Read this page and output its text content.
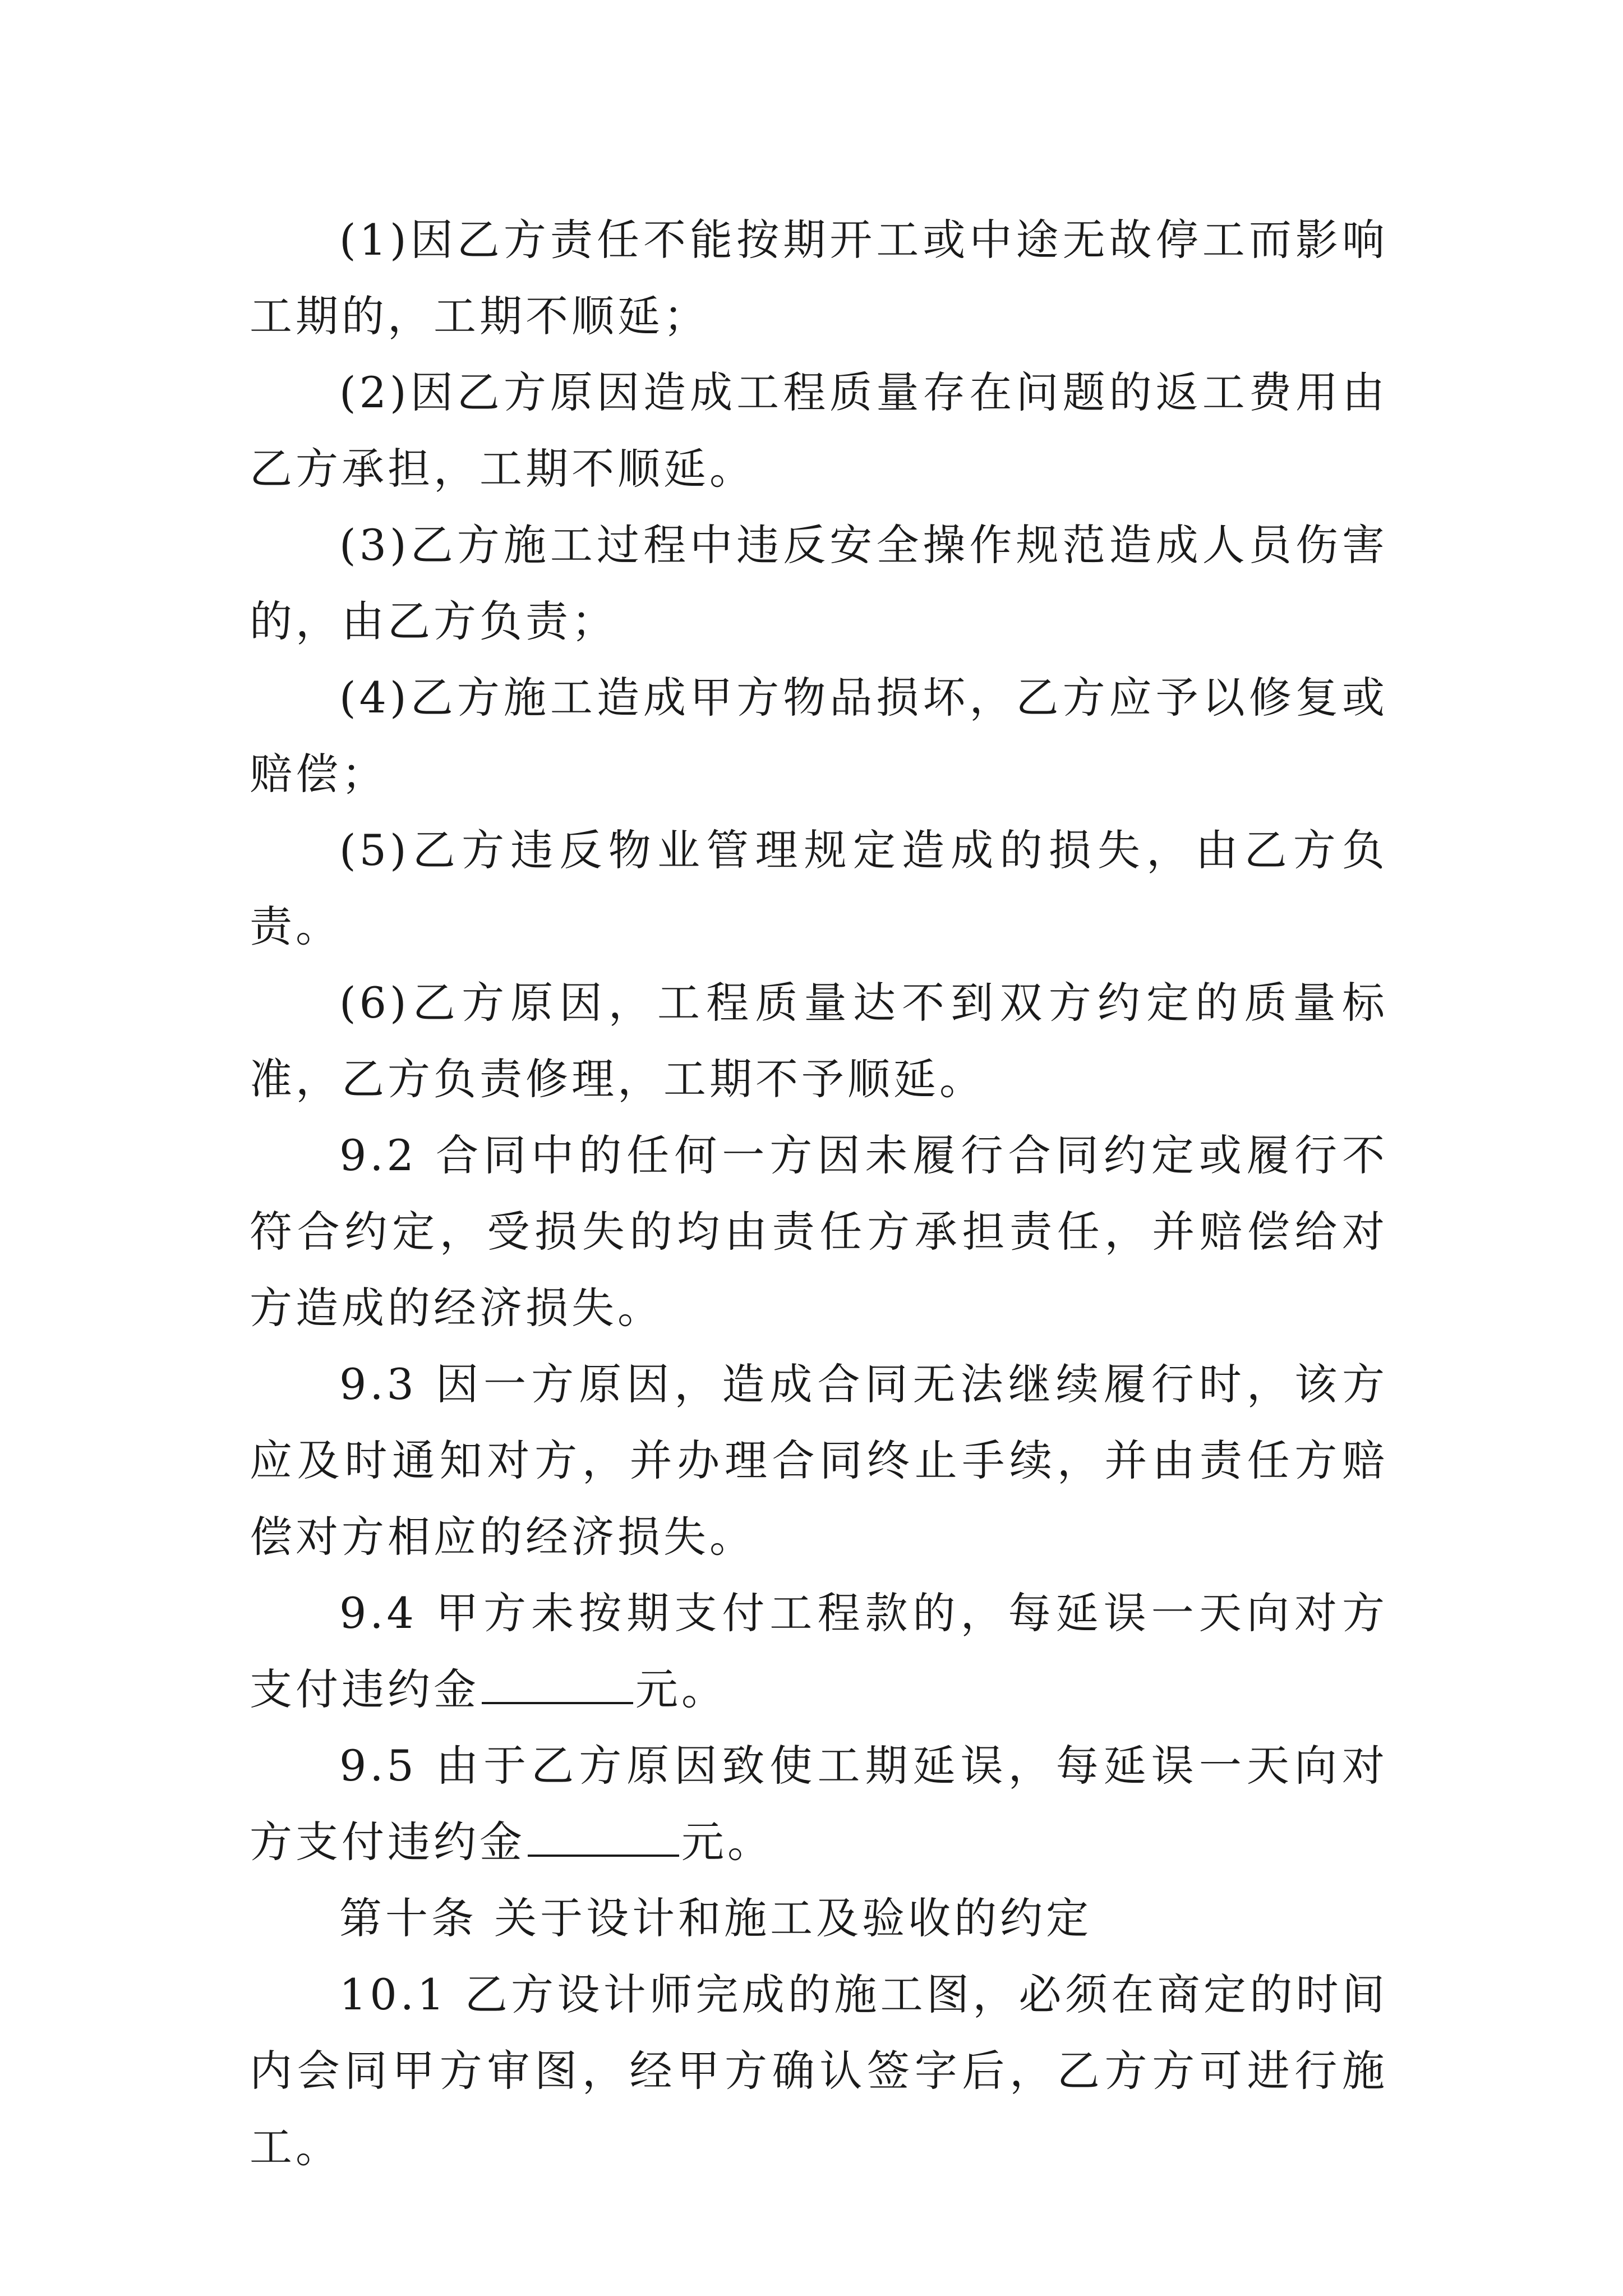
(1)因乙方责任不能按期开工或中途无故停工而影响工期的，工期不顺延；

(2)因乙方原因造成工程质量存在问题的返工费用由乙方承担，工期不顺延。

(3)乙方施工过程中违反安全操作规范造成人员伤害的，由乙方负责；

(4)乙方施工造成甲方物品损坏，乙方应予以修复或赔偿；

(5)乙方违反物业管理规定造成的损失，由乙方负责。

(6)乙方原因，工程质量达不到双方约定的质量标准，乙方负责修理，工期不予顺延。

9.2 合同中的任何一方因未履行合同约定或履行不符合约定，受损失的均由责任方承担责任，并赔偿给对方造成的经济损失。

9.3 因一方原因，造成合同无法继续履行时，该方应及时通知对方，并办理合同终止手续，并由责任方赔偿对方相应的经济损失。

9.4 甲方未按期支付工程款的，每延误一天向对方支付违约金	元。

9.5 由于乙方原因致使工期延误，每延误一天向对方支付违约金	元。

第十条 关于设计和施工及验收的约定

10.1 乙方设计师完成的施工图，必须在商定的时间内会同甲方审图，经甲方确认签字后，乙方方可进行施工。
